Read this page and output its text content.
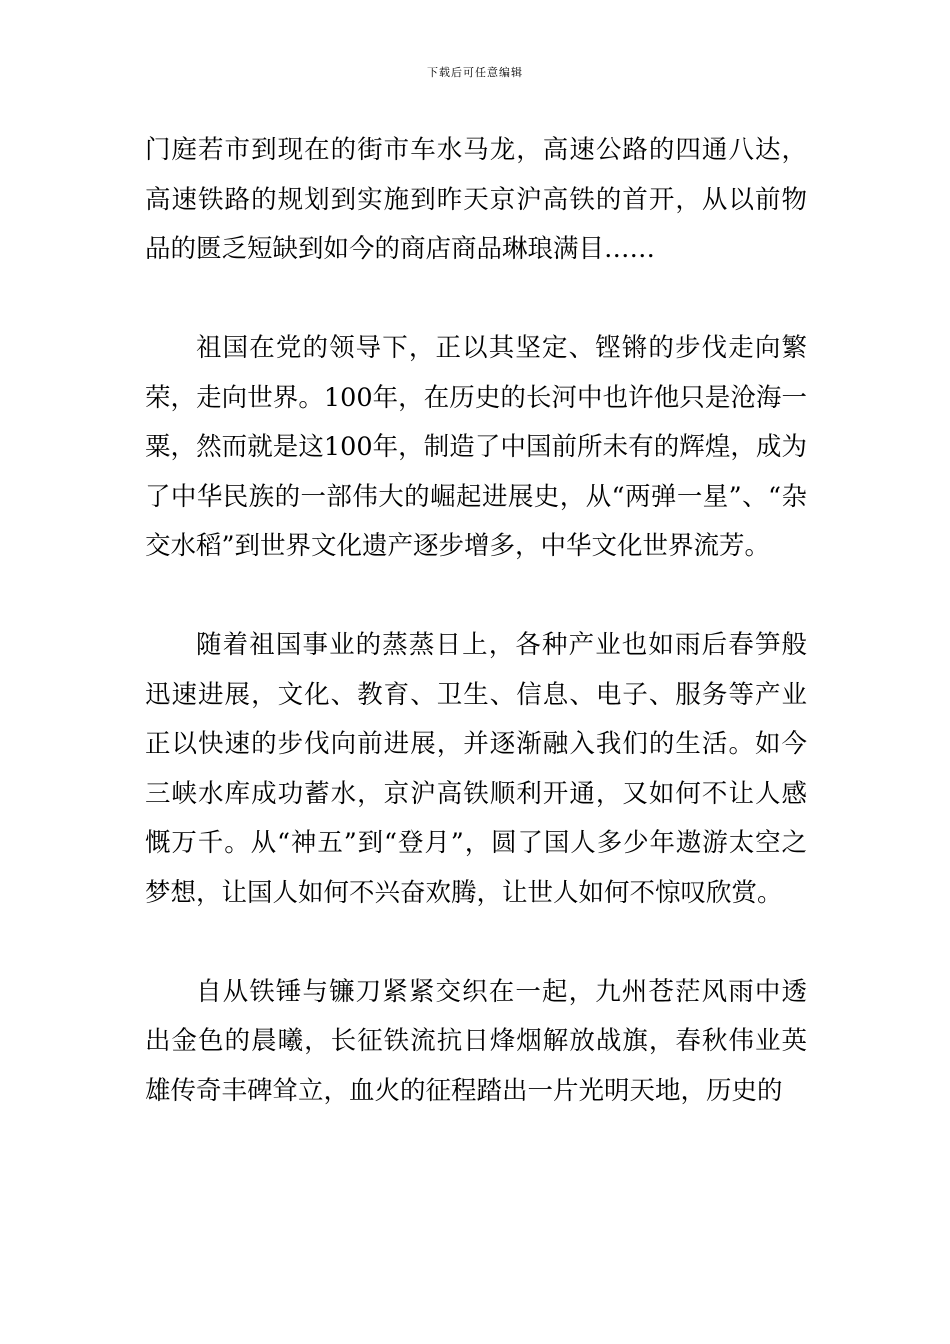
下载后可任意编辑

门庭若市到现在的街市车水马龙，高速公路的四通八达，高速铁路的规划到实施到昨天京沪高铁的首开，从以前物品的匮乏短缺到如今的商店商品琳琅满目……

祖国在党的领导下，正以其坚定、铿锵的步伐走向繁荣，走向世界。100年，在历史的长河中也许他只是沧海一粟，然而就是这100年，制造了中国前所未有的辉煌，成为了中华民族的一部伟大的崛起进展史，从“两弹一星”、“杂交水稻”到世界文化遗产逐步增多，中华文化世界流芳。

随着祖国事业的蒸蒸日上，各种产业也如雨后春笋般迅速进展，文化、教育、卫生、信息、电子、服务等产业正以快速的步伐向前进展，并逐渐融入我们的生活。如今三峡水库成功蓄水，京沪高铁顺利开通，又如何不让人感慨万千。从“神五”到“登月”，圆了国人多少年遨游太空之梦想，让国人如何不兴奋欢腾，让世人如何不惊叹欣赏。

自从铁锤与镰刀紧紧交织在一起，九州苍茫风雨中透出金色的晨曦，长征铁流抗日烽烟解放战旗，春秋伟业英雄传奇丰碑耸立，血火的征程踏出一片光明天地，历史的
